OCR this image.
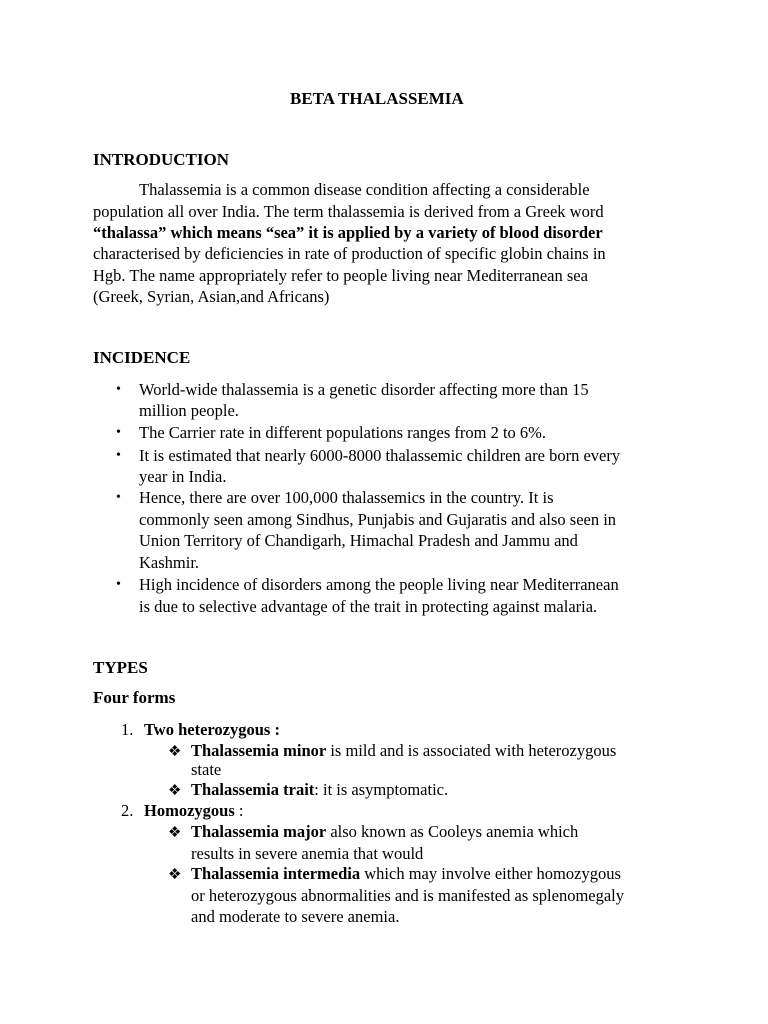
BETA THALASSEMIA
INTRODUCTION
Thalassemia is a common disease condition affecting a considerable
population all over India. The term thalassemia is derived from a Greek word
“thalassa” which means “sea” it is applied by a variety of blood disorder
characterised by deficiencies in rate of production of specific globin chains in
Hgb. The name appropriately refer to people living near Mediterranean sea
(Greek, Syrian, Asian,and Africans)
INCIDENCE
• World-wide thalassemia is a genetic disorder affecting more than 15
million people.
• The Carrier rate in different populations ranges from 2 to 6%.
• It is estimated that nearly 6000-8000 thalassemic children are born every
year in India.
• Hence, there are over 100,000 thalassemics in the country. It is
commonly seen among Sindhus, Punjabis and Gujaratis and also seen in
Union Territory of Chandigarh, Himachal Pradesh and Jammu and
Kashmir.
• High incidence of disorders among the people living near Mediterranean
is due to selective advantage of the trait in protecting against malaria.
TYPES
Four forms
1. Two heterozygous :
❖ Thalassemia minor is mild and is associated with heterozygous
state
❖ Thalassemia trait: it is asymptomatic.
2. Homozygous :
❖ Thalassemia major also known as Cooleys anemia which
results in severe anemia that would
❖ Thalassemia intermedia which may involve either homozygous
or heterozygous abnormalities and is manifested as splenomegaly
and moderate to severe anemia.
